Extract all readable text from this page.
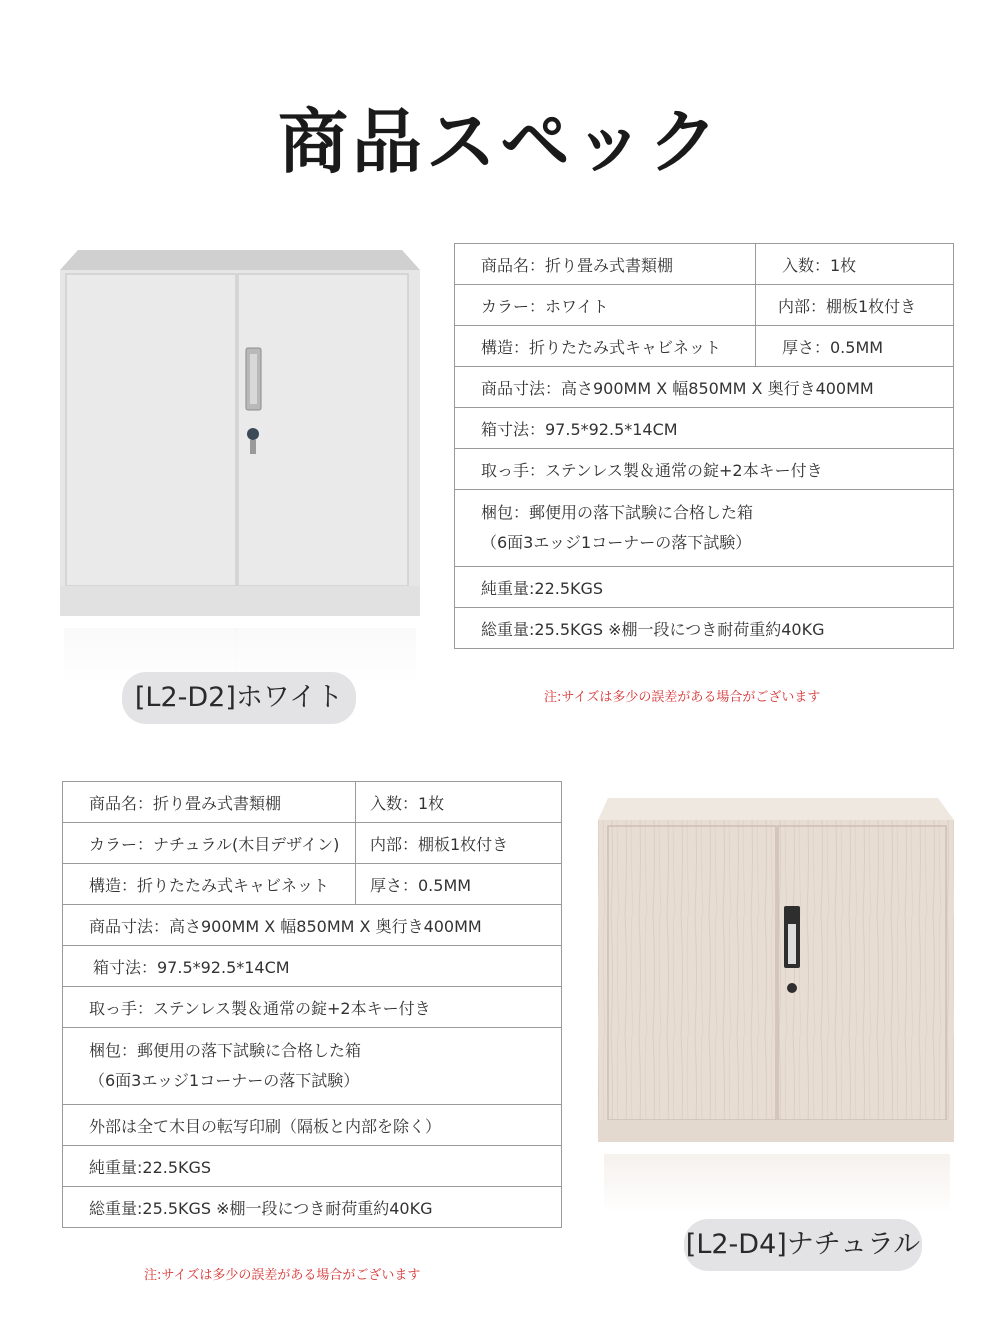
商品スペック
[L2-D2]ホワイト
商品名：折り畳み式書類棚	入数：1枚
カラー：ホワイト	内部：棚板1枚付き
構造：折りたたみ式キャビネット	厚さ：0.5MM
商品寸法：高さ900MM X 幅850MM X 奥行き400MM	
箱寸法：97.5*92.5*14CM	
取っ手：ステンレス製＆通常の錠+2本キー付き	

梱包：郵便用の落下試験に合格した箱
（6面3エッジ1コーナーの落下試験）	

純重量:22.5KGS	
総重量:25.5KGS ※棚一段につき耐荷重約40KG	
注:サイズは多少の誤差がある場合がございます
商品名：折り畳み式書類棚	入数：1枚
カラー：ナチュラル(木目デザイン)	内部：棚板1枚付き
構造：折りたたみ式キャビネット	厚さ：0.5MM
商品寸法：高さ900MM X 幅850MM X 奥行き400MM	
箱寸法：97.5*92.5*14CM	
取っ手：ステンレス製＆通常の錠+2本キー付き	

梱包：郵便用の落下試験に合格した箱
（6面3エッジ1コーナーの落下試験）	

外部は全て木目の転写印刷（隔板と内部を除く）	
純重量:22.5KGS	
総重量:25.5KGS ※棚一段につき耐荷重約40KG	
注:サイズは多少の誤差がある場合がございます
[L2-D4]ナチュラル
